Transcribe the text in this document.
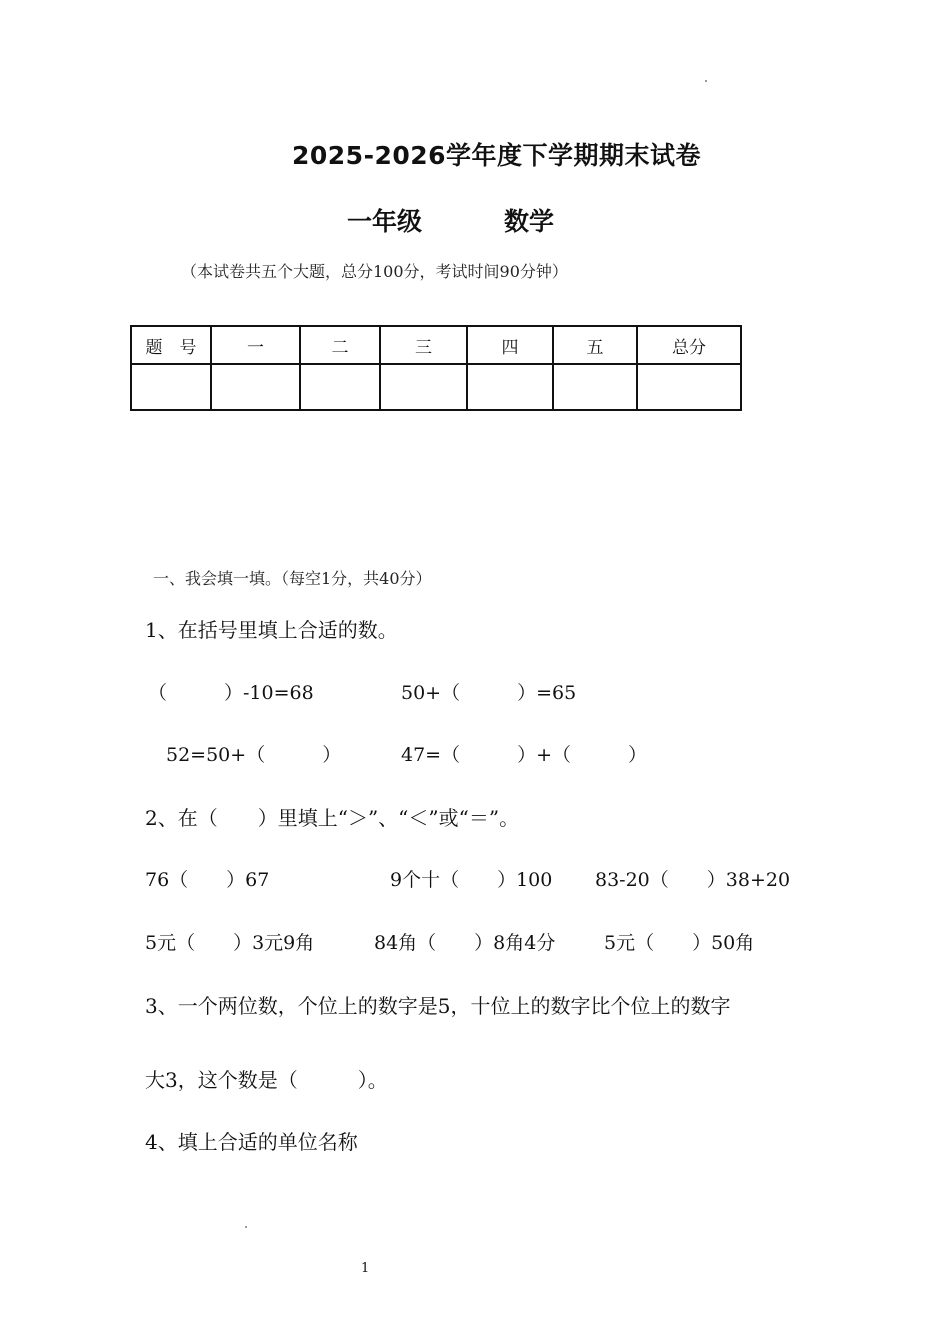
2025-2026学年度下学期期末试卷
一年级	数学
（本试卷共五个大题，总分100分，考试时间90分钟）
题　号	一	二	三	四	五	总分

一、我会填一填。（每空1分，共40分）
1、在括号里填上合适的数。
（　　　）-10=68	50+（　　　）=65
52=50+（　　　）	47=（　　　）+（　　　）
2、在（　　）里填上“＞”、“＜”或“＝”。
76（　　）67	9个十（　　）100 83-20（　　）38+20
5元（　　）3元9角	84角（　　）8角4分	5元（　　）50角
3、一个两位数，个位上的数字是5，十位上的数字比个位上的数字
大3，这个数是（　　　）。
4、填上合适的单位名称
1
